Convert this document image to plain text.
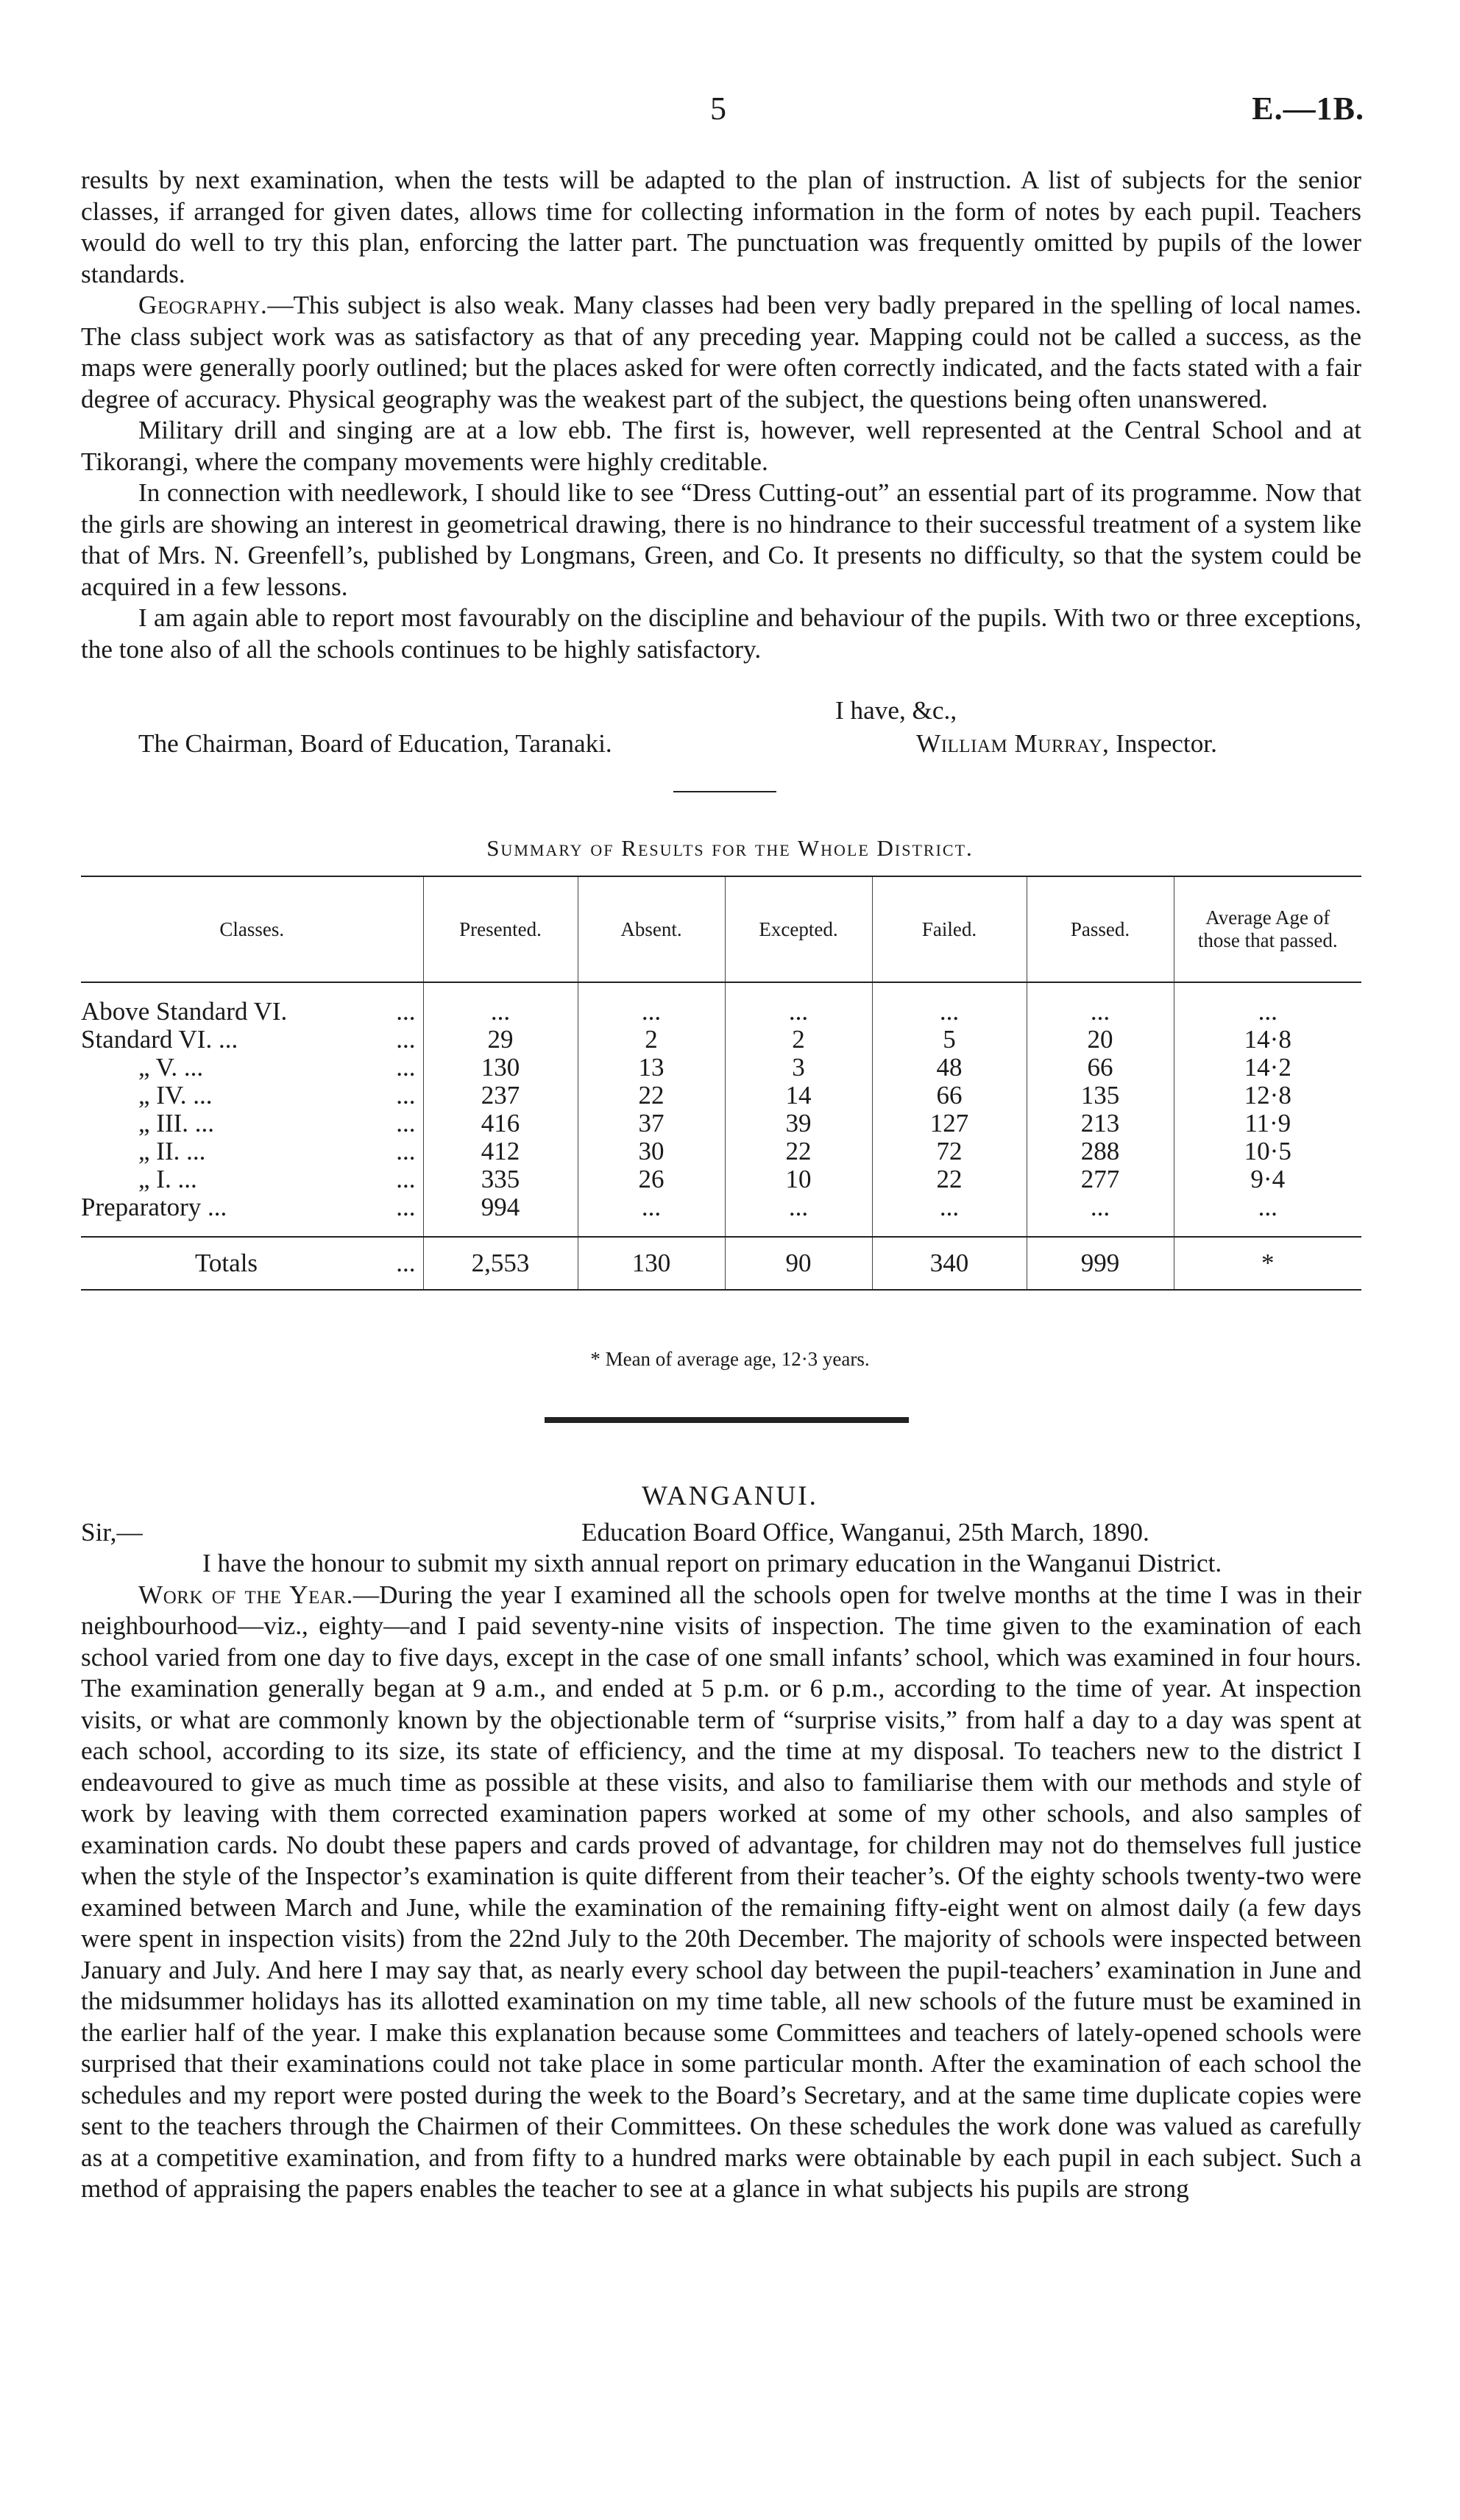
5	E.—1B.

results by next examination, when the tests will be adapted to the plan of instruction. A list of subjects for the senior classes, if arranged for given dates, allows time for collecting information in the form of notes by each pupil. Teachers would do well to try this plan, enforcing the latter part. The punctuation was frequently omitted by pupils of the lower standards.

Geography.—This subject is also weak. Many classes had been very badly prepared in the spelling of local names. The class subject work was as satisfactory as that of any preceding year. Mapping could not be called a success, as the maps were generally poorly outlined; but the places asked for were often correctly indicated, and the facts stated with a fair degree of accuracy. Physical geography was the weakest part of the subject, the questions being often unanswered.

Military drill and singing are at a low ebb. The first is, however, well represented at the Central School and at Tikorangi, where the company movements were highly creditable.

In connection with needlework, I should like to see “Dress Cutting-out” an essential part of its programme. Now that the girls are showing an interest in geometrical drawing, there is no hindrance to their successful treatment of a system like that of Mrs. N. Greenfell’s, published by Longmans, Green, and Co. It presents no difficulty, so that the system could be acquired in a few lessons.

I am again able to report most favourably on the discipline and behaviour of the pupils. With two or three exceptions, the tone also of all the schools continues to be highly satisfactory.

I have, &c.,
The Chairman, Board of Education, Taranaki.	William Murray, Inspector.
Summary of Results for the Whole District.
Classes.	Presented.	Absent.	Excepted.	Failed.	Passed.	Average Age of those that passed.

Above Standard VI. ...	...	...	...	...	...	...
Standard VI. ... ...	29	2	2	5	20	14·8
„ V. ... ...	130	13	3	48	66	14·2
„ IV. ... ...	237	22	14	66	135	12·8
„ III. ... ...	416	37	39	127	213	11·9
„ II. ... ...	412	30	22	72	288	10·5
„ I. ... ...	335	26	10	22	277	9·4
Preparatory ... ...	994	...	...	...	...	...

Totals ...	2,553	130	90	340	999	*
* Mean of average age, 12·3 years.
WANGANUI.
Sir,—	Education Board Office, Wanganui, 25th March, 1890.

I have the honour to submit my sixth annual report on primary education in the Wanganui District.

Work of the Year.—During the year I examined all the schools open for twelve months at the time I was in their neighbourhood—viz., eighty—and I paid seventy-nine visits of inspection. The time given to the examination of each school varied from one day to five days, except in the case of one small infants’ school, which was examined in four hours. The examination generally began at 9 a.m., and ended at 5 p.m. or 6 p.m., according to the time of year. At inspection visits, or what are commonly known by the objectionable term of “surprise visits,” from half a day to a day was spent at each school, according to its size, its state of efficiency, and the time at my disposal. To teachers new to the district I endeavoured to give as much time as possible at these visits, and also to familiarise them with our methods and style of work by leaving with them corrected examination papers worked at some of my other schools, and also samples of examination cards. No doubt these papers and cards proved of advantage, for children may not do themselves full justice when the style of the Inspector’s examination is quite different from their teacher’s. Of the eighty schools twenty-two were examined between March and June, while the examination of the remaining fifty-eight went on almost daily (a few days were spent in inspection visits) from the 22nd July to the 20th December. The majority of schools were inspected between January and July. And here I may say that, as nearly every school day between the pupil-teachers’ examination in June and the midsummer holidays has its allotted examination on my time table, all new schools of the future must be examined in the earlier half of the year. I make this explanation because some Committees and teachers of lately-opened schools were surprised that their examinations could not take place in some particular month. After the examination of each school the schedules and my report were posted during the week to the Board’s Secretary, and at the same time duplicate copies were sent to the teachers through the Chairmen of their Committees. On these schedules the work done was valued as carefully as at a competitive examination, and from fifty to a hundred marks were obtainable by each pupil in each subject. Such a method of appraising the papers enables the teacher to see at a glance in what subjects his pupils are strong
